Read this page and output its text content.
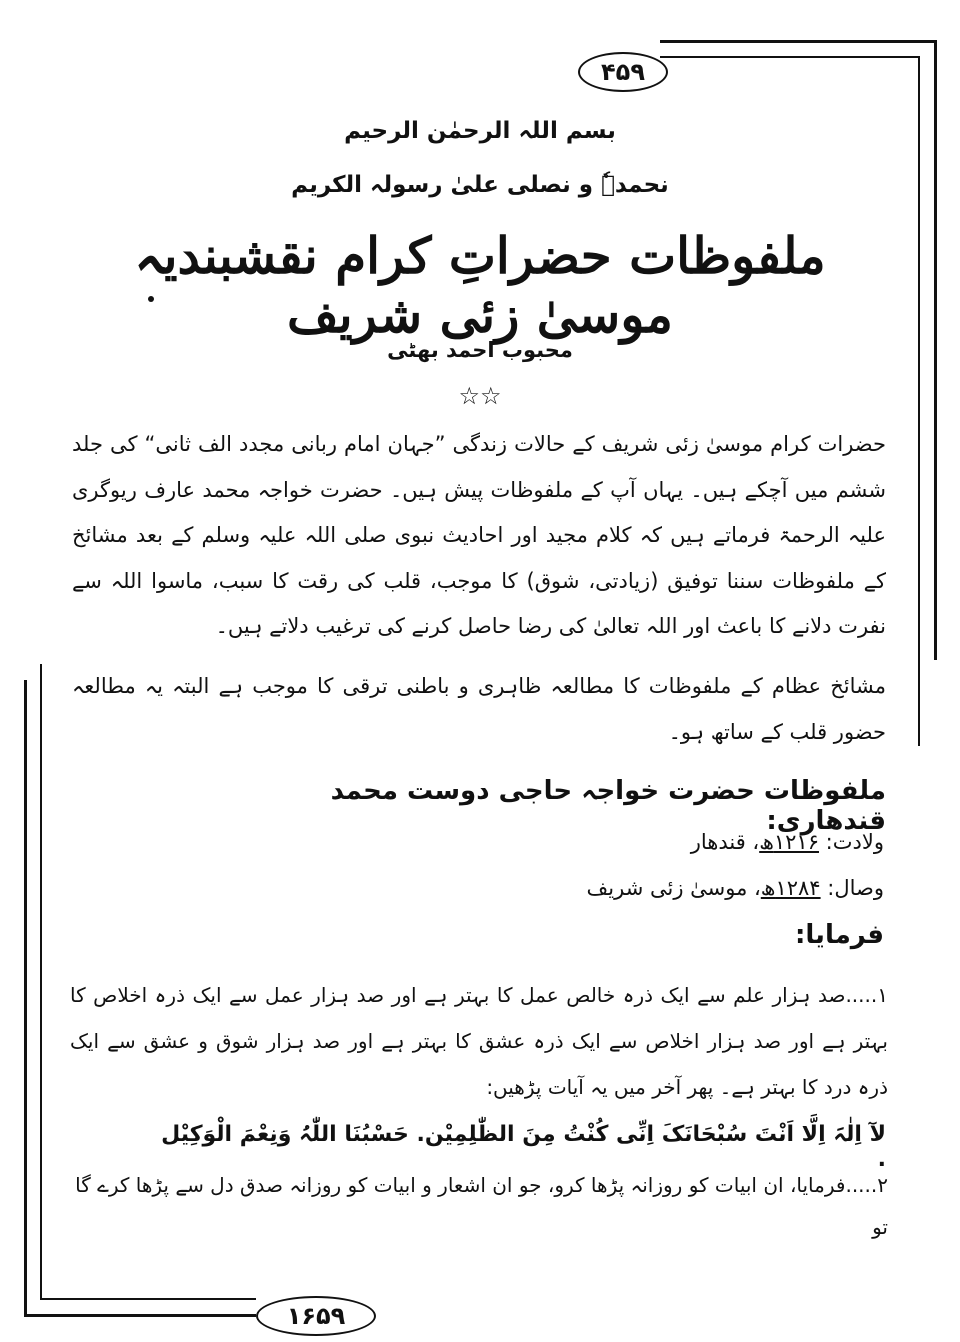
۴۵۹
بسم اللہ الرحمٰن الرحیم
نحمدہٗ و نصلی علیٰ رسولہ الکریم
ملفوظات حضراتِ کرام نقشبندیہ موسیٰ زئی شریف
محبوب احمد بھٹی
☆☆
حضرات کرام موسیٰ زئی شریف کے حالات زندگی ”جہان امام ربانی مجدد الف ثانی“ کی جلد ششم میں آچکے ہیں۔ یہاں آپ کے ملفوظات پیش ہیں۔ حضرت خواجہ محمد عارف ریوگری علیہ الرحمۃ فرماتے ہیں کہ کلام مجید اور احادیث نبوی صلی اللہ علیہ وسلم کے بعد مشائخ کے ملفوظات سننا توفیق (زیادتی، شوق) کا موجب، قلب کی رقت کا سبب، ماسوا اللہ سے نفرت دلانے کا باعث اور اللہ تعالیٰ کی رضا حاصل کرنے کی ترغیب دلاتے ہیں۔
مشائخ عظام کے ملفوظات کا مطالعہ ظاہری و باطنی ترقی کا موجب ہے البتہ یہ مطالعہ حضور قلب کے ساتھ ہو۔
ملفوظات حضرت خواجہ حاجی دوست محمد قندھاری:
ولادت: ۱۲۱۶ھ، قندھار
وصال: ۱۲۸۴ھ، موسیٰ زئی شریف
فرمایا:
۱.....صد ہزار علم سے ایک ذرہ خالص عمل کا بہتر ہے اور صد ہزار عمل سے ایک ذرہ اخلاص کا بہتر ہے اور صد ہزار اخلاص سے ایک ذرہ عشق کا بہتر ہے اور صد ہزار شوق و عشق سے ایک ذرہ درد کا بہتر ہے۔ پھر آخر میں یہ آیات پڑھیں:
لآ اِلٰہَ اِلَّا اَنْتَ سُبْحَانَکَ اِنِّی کُنْتُ مِنَ الظّٰلِمِیْن. حَسْبُنَا اللّٰہُ وَنِعْمَ الْوَکِیْل .
۲.....فرمایا، ان ابیات کو روزانہ پڑھا کرو، جو ان اشعار و ابیات کو روزانہ صدق دل سے پڑھا کرے گا تو
۱۶۵۹
